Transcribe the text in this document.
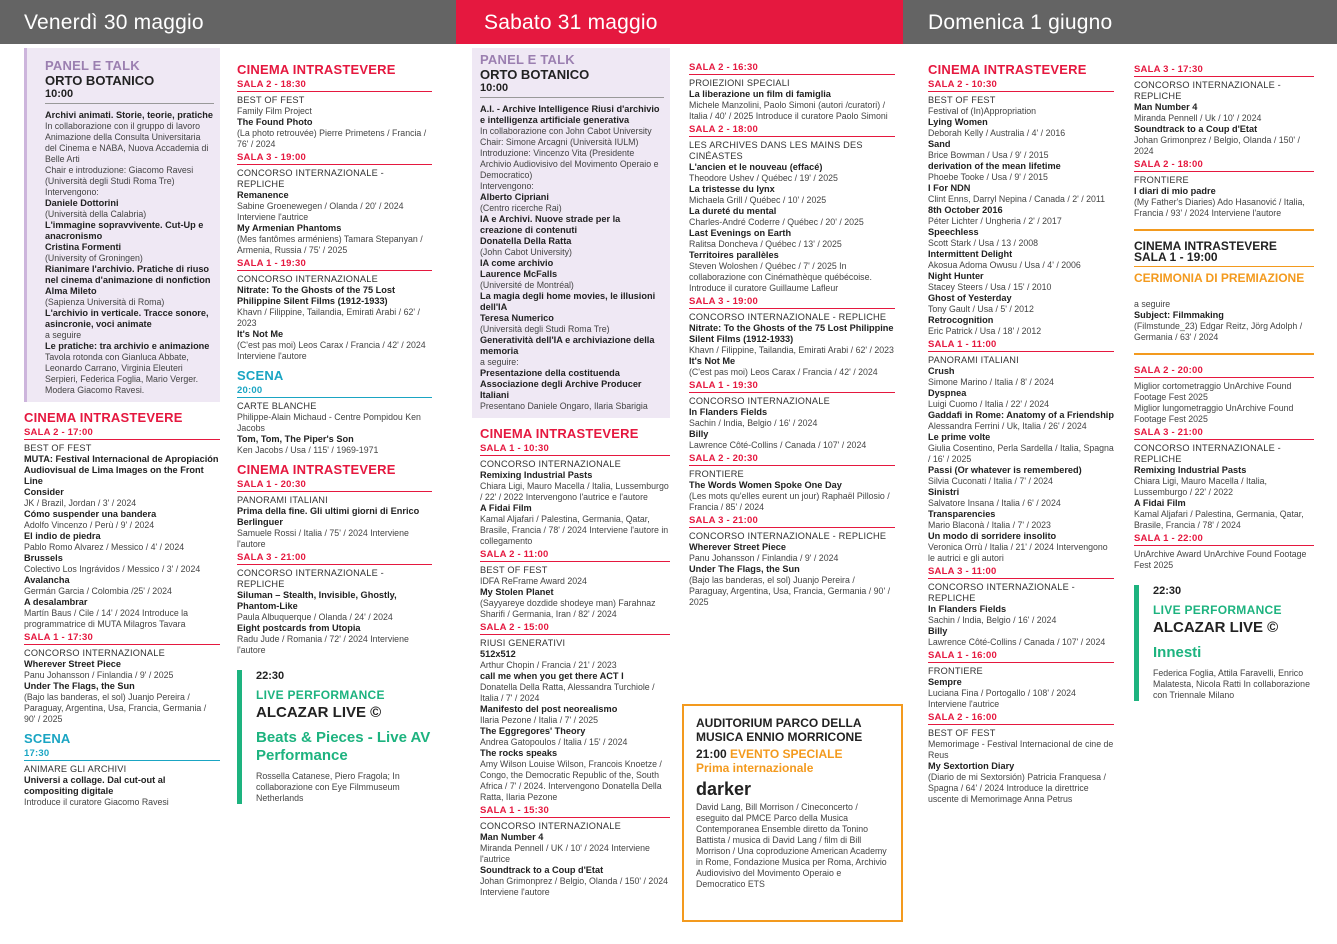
Venerdì 30 maggio	Sabato 31 maggio	Domenica 1 giugno
PANEL E TALK
ORTO BOTANICO
10:00
Archivi animati. Storie, teorie, pratiche
In collaborazione con il gruppo di lavoro Animazione della Consulta Universitaria del Cinema e NABA, Nuova Accademia di Belle Arti
Chair e introduzione: Giacomo Ravesi (Università degli Studi Roma Tre)
Intervengono:
Daniele Dottorini
(Università della Calabria)
L'immagine sopravvivente. Cut-Up e anacronismo
Cristina Formenti
(University of Groningen)
Rianimare l'archivio. Pratiche di riuso nel cinema d'animazione di nonfiction
Alma Mileto
(Sapienza Università di Roma)
L'archivio in verticale. Tracce sonore, asincronie, voci animate
a seguire
Le pratiche: tra archivio e animazione
Tavola rotonda con Gianluca Abbate, Leonardo Carrano, Virginia Eleuteri Serpieri, Federica Foglia, Mario Verger. Modera Giacomo Ravesi.
CINEMA INTRASTEVERE
SALA 2 - 17:00
BEST OF FEST
MUTA: Festival Internacional de Apropiación Audiovisual de Lima Images on the Front Line
Consider
JK / Brazil, Jordan / 3' / 2024
Cómo suspender una bandera
Adolfo Vincenzo / Perù / 9' / 2024
El indio de piedra
Pablo Romo Alvarez / Messico / 4' / 2024
Brussels
Colectivo Los Ingrávidos / Messico / 3' / 2024
Avalancha
Germán Garcia / Colombia /25' / 2024
A desalambrar
Martín Baus / Cile / 14' / 2024 Introduce la programmatrice di MUTA Milagros Tavara
SALA 1 - 17:30
CONCORSO INTERNAZIONALE
Wherever Street Piece
Panu Johansson / Finlandia / 9' / 2025
Under The Flags, the Sun
(Bajo las banderas, el sol) Juanjo Pereira / Paraguay, Argentina, Usa, Francia, Germania / 90' / 2025
SCENA
17:30
ANIMARE GLI ARCHIVI
Universi a collage. Dal cut-out al compositing digitale
Introduce il curatore Giacomo Ravesi
CINEMA INTRASTEVERE
SALA 2 - 18:30
BEST OF FEST
Family Film Project
The Found Photo
(La photo retrouvée) Pierre Primetens / Francia / 76' / 2024
SALA 3 - 19:00
CONCORSO INTERNAZIONALE - REPLICHE
Remanence
Sabine Groenewegen / Olanda / 20' / 2024 Interviene l'autrice
My Armenian Phantoms
(Mes fantômes arméniens) Tamara Stepanyan / Armenia, Russia / 75' / 2025
SALA 1 - 19:30
CONCORSO INTERNAZIONALE
Nitrate: To the Ghosts of the 75 Lost Philippine Silent Films (1912-1933)
Khavn / Filippine, Tailandia, Emirati Arabi / 62' / 2023
It's Not Me
(C'est pas moi) Leos Carax / Francia / 42' / 2024 Interviene l'autore
SCENA
20:00
CARTE BLANCHE
Philippe-Alain Michaud - Centre Pompidou Ken Jacobs
Tom, Tom, The Piper's Son
Ken Jacobs / Usa / 115' / 1969-1971
CINEMA INTRASTEVERE
SALA 1 - 20:30
PANORAMI ITALIANI
Prima della fine. Gli ultimi giorni di Enrico Berlinguer
Samuele Rossi / Italia / 75' / 2024 Interviene l'autore
SALA 3 - 21:00
CONCORSO INTERNAZIONALE - REPLICHE
Siluman – Stealth, Invisible, Ghostly, Phantom-Like
Paula Albuquerque / Olanda / 24' / 2024
Eight postcards from Utopia
Radu Jude / Romania / 72' / 2024 Interviene l'autore
22:30
LIVE PERFORMANCE
ALCAZAR LIVE ©
Beats & Pieces - Live AV Performance
Rossella Catanese, Piero Fragola; In collaborazione con Eye Filmmuseum Netherlands
PANEL E TALK
ORTO BOTANICO
10:00
A.I. - Archive Intelligence Riusi d'archivio e intelligenza artificiale generativa
In collaborazione con John Cabot University
Chair: Simone Arcagni (Università IULM) Introduzione: Vincenzo Vita (Presidente Archivio Audiovisivo del Movimento Operaio e Democratico)
Intervengono:
Alberto Cipriani
(Centro ricerche Rai)
IA e Archivi. Nuove strade per la creazione di contenuti
Donatella Della Ratta
(John Cabot University)
IA come archivio
Laurence McFalls
(Université de Montréal)
La magia degli home movies, le illusioni dell'IA
Teresa Numerico
(Università degli Studi Roma Tre)
Generatività dell'IA e archiviazione della memoria
a seguire:
Presentazione della costituenda Associazione degli Archive Producer Italiani
Presentano Daniele Ongaro, Ilaria Sbarigia
CINEMA INTRASTEVERE
SALA 1 - 10:30
CONCORSO INTERNAZIONALE
Remixing Industrial Pasts
Chiara Ligi, Mauro Macella / Italia, Lussemburgo / 22' / 2022 Intervengono l'autrice e l'autore
A Fidai Film
Kamal Aljafari / Palestina, Germania, Qatar, Brasile, Francia / 78' / 2024 Interviene l'autore in collegamento
SALA 2 - 11:00
BEST OF FEST
IDFA ReFrame Award 2024
My Stolen Planet
(Sayyareye dozdide shodeye man) Farahnaz Sharifi / Germania, Iran / 82' / 2024
SALA 2 - 15:00
RIUSI GENERATIVI
512x512
Arthur Chopin / Francia / 21' / 2023
call me when you get there ACT I
Donatella Della Ratta, Alessandra Turchiole / Italia / 7' / 2024
Manifesto del post neorealismo
Ilaria Pezone / Italia / 7' / 2025
The Eggregores' Theory
Andrea Gatopoulos / Italia / 15' / 2024
The rocks speaks
Amy Wilson Louise Wilson, Francois Knoetze / Congo, the Democratic Republic of the, South Africa / 7' / 2024. Intervengono Donatella Della Ratta, Ilaria Pezone
SALA 1 - 15:30
CONCORSO INTERNAZIONALE
Man Number 4
Miranda Pennell / UK / 10' / 2024 Interviene l'autrice
Soundtrack to a Coup d'Etat
Johan Grimonprez / Belgio, Olanda / 150' / 2024 Interviene l'autore
SALA 2 - 16:30
PROIEZIONI SPECIALI
La liberazione un film di famiglia
Michele Manzolini, Paolo Simoni (autori /curatori) / Italia / 40' / 2025 Introduce il curatore Paolo Simoni
SALA 2 - 18:00
LES ARCHIVES DANS LES MAINS DES CINÉASTES
L'ancien et le nouveau (effacé)
Theodore Ushev / Québec / 19' / 2025
La tristesse du lynx
Michaela Grill / Québec / 10' / 2025
La dureté du mental
Charles-André Coderre / Québec / 20' / 2025
Last Evenings on Earth
Ralitsa Doncheva / Québec / 13' / 2025
Territoires parallèles
Steven Woloshen / Québec / 7' / 2025 In collaborazione con Cinémathèque québécoise. Introduce il curatore Guillaume Lafleur
SALA 3 - 19:00
CONCORSO INTERNAZIONALE - REPLICHE
Nitrate: To the Ghosts of the 75 Lost Philippine Silent Films (1912-1933)
Khavn / Filippine, Tailandia, Emirati Arabi / 62' / 2023
It's Not Me
(C'est pas moi) Leos Carax / Francia / 42' / 2024
SALA 1 - 19:30
CONCORSO INTERNAZIONALE
In Flanders Fields
Sachin / India, Belgio / 16' / 2024
Billy
Lawrence Côté-Collins / Canada / 107' / 2024
SALA 2 - 20:30
FRONTIERE
The Words Women Spoke One Day
(Les mots qu'elles eurent un jour) Raphaël Pillosio / Francia / 85' / 2024
SALA 3 - 21:00
CONCORSO INTERNAZIONALE - REPLICHE
Wherever Street Piece
Panu Johansson / Finlandia / 9' / 2024
Under The Flags, the Sun
(Bajo las banderas, el sol) Juanjo Pereira / Paraguay, Argentina, Usa, Francia, Germania / 90' / 2025
AUDITORIUM PARCO DELLA MUSICA ENNIO MORRICONE
21:00 EVENTO SPECIALE
Prima internazionale
darker
David Lang, Bill Morrison / Cineconcerto / eseguito dal PMCE Parco della Musica Contemporanea Ensemble diretto da Tonino Battista / musica di David Lang / film di Bill Morrison / Una coproduzione American Academy in Rome, Fondazione Musica per Roma, Archivio Audiovisivo del Movimento Operaio e Democratico ETS
CINEMA INTRASTEVERE
SALA 2 - 10:30
BEST OF FEST
Festival of (In)Appropriation
Lying Women
Deborah Kelly / Australia / 4' / 2016
Sand
Brice Bowman / Usa / 9' / 2015
derivation of the mean lifetime
Phoebe Tooke / Usa / 9' / 2015
I For NDN
Clint Enns, Darryl Nepina / Canada / 2' / 2011
8th October 2016
Péter Lichter / Ungheria / 2' / 2017
Speechless
Scott Stark / Usa / 13 / 2008
Intermittent Delight
Akosua Adoma Owusu / Usa / 4' / 2006
Night Hunter
Stacey Steers / Usa / 15' / 2010
Ghost of Yesterday
Tony Gault / Usa / 5' / 2012
Retrocognition
Eric Patrick / Usa / 18' / 2012
SALA 1 - 11:00
PANORAMI ITALIANI
Crush
Simone Marino / Italia / 8' / 2024
Dyspnea
Luigi Cuomo / Italia / 22' / 2024
Gaddafi in Rome: Anatomy of a Friendship
Alessandra Ferrini / Uk, Italia / 26' / 2024
Le prime volte
Giulia Cosentino, Perla Sardella / Italia, Spagna / 16' / 2025
Passi (Or whatever is remembered)
Silvia Cuconati / Italia / 7' / 2024
Sinistri
Salvatore Insana / Italia / 6' / 2024
Transparencies
Mario Blaconà / Italia / 7' / 2023
Un modo di sorridere insolito
Veronica Orrù / Italia / 21' / 2024 Intervengono le autrici e gli autori
SALA 3 - 11:00
CONCORSO INTERNAZIONALE - REPLICHE
In Flanders Fields
Sachin / India, Belgio / 16' / 2024
Billy
Lawrence Côté-Collins / Canada / 107' / 2024
SALA 1 - 16:00
FRONTIERE
Sempre
Luciana Fina / Portogallo / 108' / 2024 Interviene l'autrice
SALA 2 - 16:00
BEST OF FEST
Memorimage - Festival Internacional de cine de Reus
My Sextortion Diary
(Diario de mi Sextorsión) Patricia Franquesa / Spagna / 64' / 2024 Introduce la direttrice uscente di Memorimage Anna Petrus
SALA 3 - 17:30
CONCORSO INTERNAZIONALE - REPLICHE
Man Number 4
Miranda Pennell / Uk / 10' / 2024
Soundtrack to a Coup d'Etat
Johan Grimonprez / Belgio, Olanda / 150' / 2024
SALA 2 - 18:00
FRONTIERE
I diari di mio padre
(My Father's Diaries) Ado Hasanović / Italia, Francia / 93' / 2024 Interviene l'autore
CINEMA INTRASTEVERE
SALA 1 - 19:00
CERIMONIA DI PREMIAZIONE
a seguire
Subject: Filmmaking
(Filmstunde_23) Edgar Reitz, Jörg Adolph / Germania / 63' / 2024
SALA 2 - 20:00
Miglior cortometraggio UnArchive Found Footage Fest 2025
Miglior lungometraggio UnArchive Found Footage Fest 2025
SALA 3 - 21:00
CONCORSO INTERNAZIONALE - REPLICHE
Remixing Industrial Pasts
Chiara Ligi, Mauro Macella / Italia, Lussemburgo / 22' / 2022
A Fidai Film
Kamal Aljafari / Palestina, Germania, Qatar, Brasile, Francia / 78' / 2024
SALA 1 - 22:00
UnArchive Award UnArchive Found Footage Fest 2025
22:30
LIVE PERFORMANCE
ALCAZAR LIVE ©
Innesti
Federica Foglia, Attila Faravelli, Enrico Malatesta, Nicola Ratti In collaborazione con Triennale Milano
